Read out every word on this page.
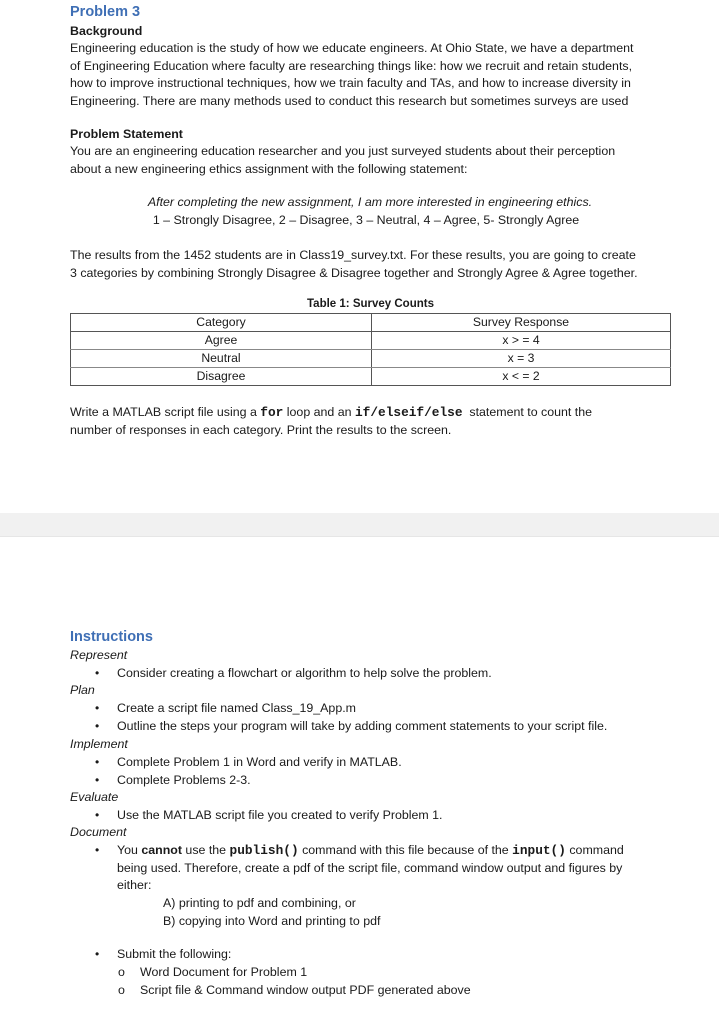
Problem 3
Background
Engineering education is the study of how we educate engineers. At Ohio State, we have a department
of Engineering Education where faculty are researching things like: how we recruit and retain students,
how to improve instructional techniques, how we train faculty and TAs, and how to increase diversity in
Engineering. There are many methods used to conduct this research but sometimes surveys are used
Problem Statement
You are an engineering education researcher and you just surveyed students about their perception
about a new engineering ethics assignment with the following statement:
After completing the new assignment, I am more interested in engineering ethics.
1 – Strongly Disagree, 2 – Disagree, 3 – Neutral, 4 – Agree, 5- Strongly Agree
The results from the 1452 students are in Class19_survey.txt. For these results, you are going to create
3 categories by combining Strongly Disagree & Disagree together and Strongly Agree & Agree together.
Table 1: Survey Counts
Category	Survey Response
Agree	x > = 4
Neutral	x = 3
Disagree	x < = 2
Write a MATLAB script file using a for loop and an if/elseif/else  statement to count the
number of responses in each category. Print the results to the screen.
Instructions
Represent
• Consider creating a flowchart or algorithm to help solve the problem.
Plan
• Create a script file named Class_19_App.m
• Outline the steps your program will take by adding comment statements to your script file.
Implement
• Complete Problem 1 in Word and verify in MATLAB.
• Complete Problems 2-3.
Evaluate
• Use the MATLAB script file you created to verify Problem 1.
Document
• You cannot use the publish() command with this file because of the input() command
being used. Therefore, create a pdf of the script file, command window output and figures by
either:
A) printing to pdf and combining, or
B) copying into Word and printing to pdf
• Submit the following:
o Word Document for Problem 1
o Script file & Command window output PDF generated above
